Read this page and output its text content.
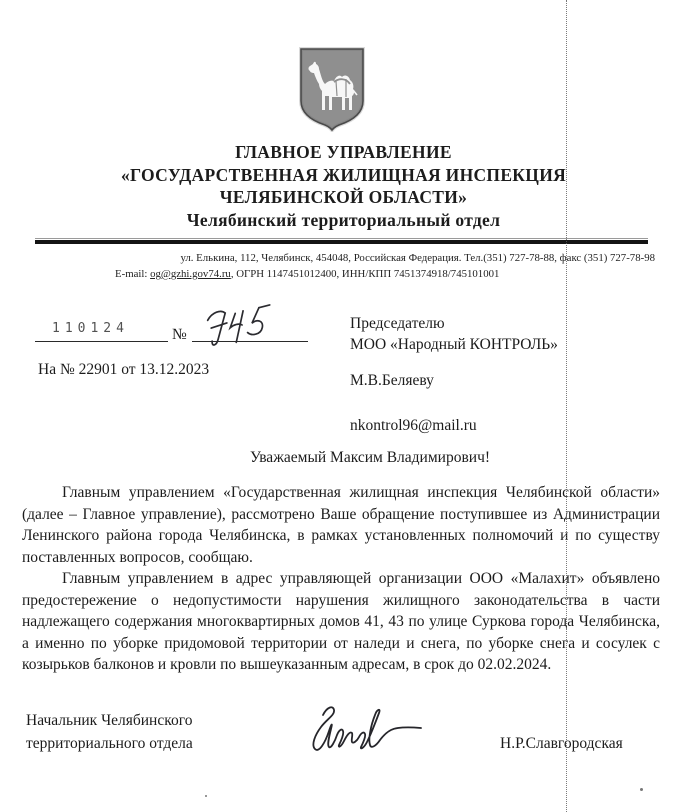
ГЛАВНОЕ УПРАВЛЕНИЕ
«ГОСУДАРСТВЕННАЯ ЖИЛИЩНАЯ ИНСПЕКЦИЯ
ЧЕЛЯБИНСКОЙ ОБЛАСТИ»
Челябинский территориальный отдел
ул. Елькина, 112, Челябинск, 454048, Российская Федерация. Тел.(351) 727-78-88, факс (351) 727-78-98
E-mail: og@gzhi.gov74.ru, ОГРН 1147451012400, ИНН/КПП 7451374918/745101001
110124	№
На № 22901 от 13.12.2023
Председателю
МОО «Народный КОНТРОЛЬ»
М.В.Беляеву
nkontrol96@mail.ru
Уважаемый Максим Владимирович!

Главным управлением «Государственная жилищная инспекция Челябинской области» (далее – Главное управление), рассмотрено Ваше обращение поступившее из Администрации Ленинского района города Челябинска, в рамках установленных полномочий и по существу поставленных вопросов, сообщаю.

Главным управлением в адрес управляющей организации ООО «Малахит» объявлено предостережение о недопустимости нарушения жилищного законодательства в части надлежащего содержания многоквартирных домов 41, 43 по улице Суркова города Челябинска, а именно по уборке придомовой территории от наледи и снега, по уборке снега и сосулек с козырьков балконов и кровли по вышеуказанным адресам, в срок до 02.02.2024.

Начальник Челябинского
территориального отдела	Н.Р.Славгородская
